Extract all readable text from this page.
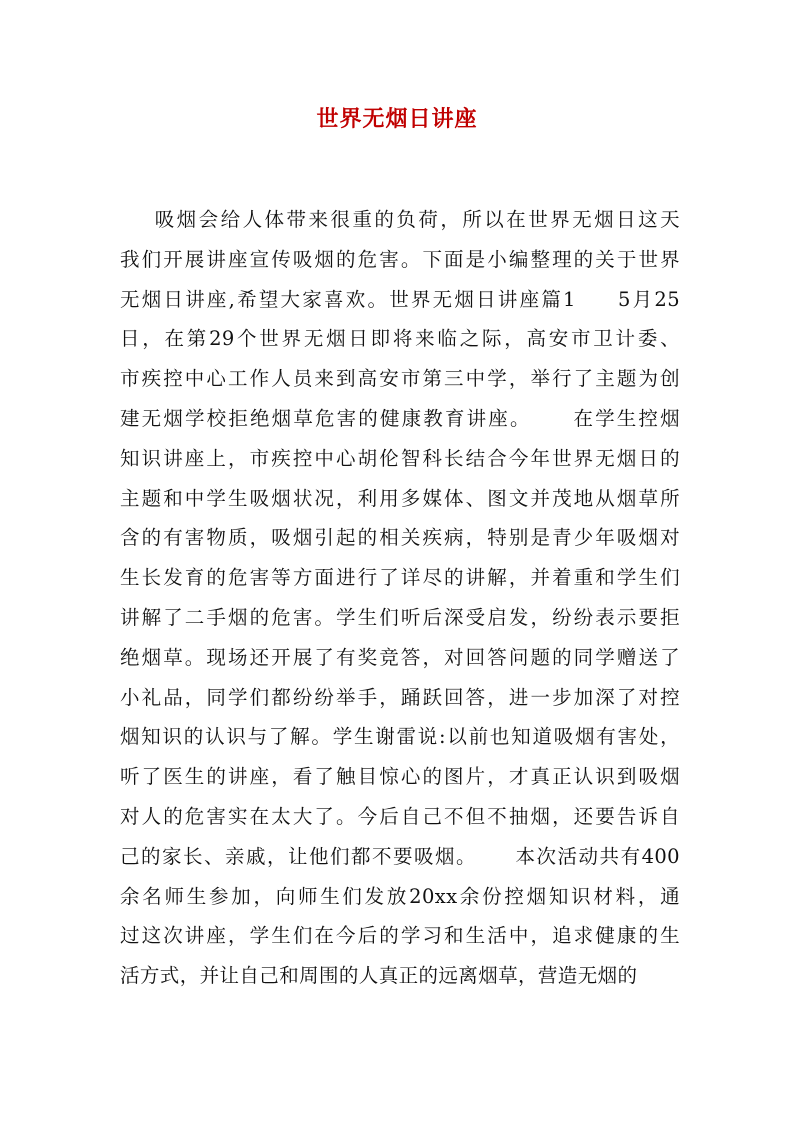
世界无烟日讲座
吸烟会给人体带来很重的负荷，所以在世界无烟日这天
我们开展讲座宣传吸烟的危害。下面是小编整理的关于世界
无烟日讲座,希望大家喜欢。世界无烟日讲座篇1     5月25
日，在第29个世界无烟日即将来临之际，高安市卫计委、
市疾控中心工作人员来到高安市第三中学，举行了主题为创
建无烟学校拒绝烟草危害的健康教育讲座。     在学生控烟
知识讲座上，市疾控中心胡伦智科长结合今年世界无烟日的
主题和中学生吸烟状况，利用多媒体、图文并茂地从烟草所
含的有害物质，吸烟引起的相关疾病，特别是青少年吸烟对
生长发育的危害等方面进行了详尽的讲解，并着重和学生们
讲解了二手烟的危害。学生们听后深受启发，纷纷表示要拒
绝烟草。现场还开展了有奖竞答，对回答问题的同学赠送了
小礼品，同学们都纷纷举手，踊跃回答，进一步加深了对控
烟知识的认识与了解。学生谢雷说:以前也知道吸烟有害处，
听了医生的讲座，看了触目惊心的图片，才真正认识到吸烟
对人的危害实在太大了。今后自己不但不抽烟，还要告诉自
己的家长、亲戚，让他们都不要吸烟。     本次活动共有400
余名师生参加，向师生们发放20xx余份控烟知识材料，通
过这次讲座，学生们在今后的学习和生活中，追求健康的生
活方式，并让自己和周围的人真正的远离烟草，营造无烟的
